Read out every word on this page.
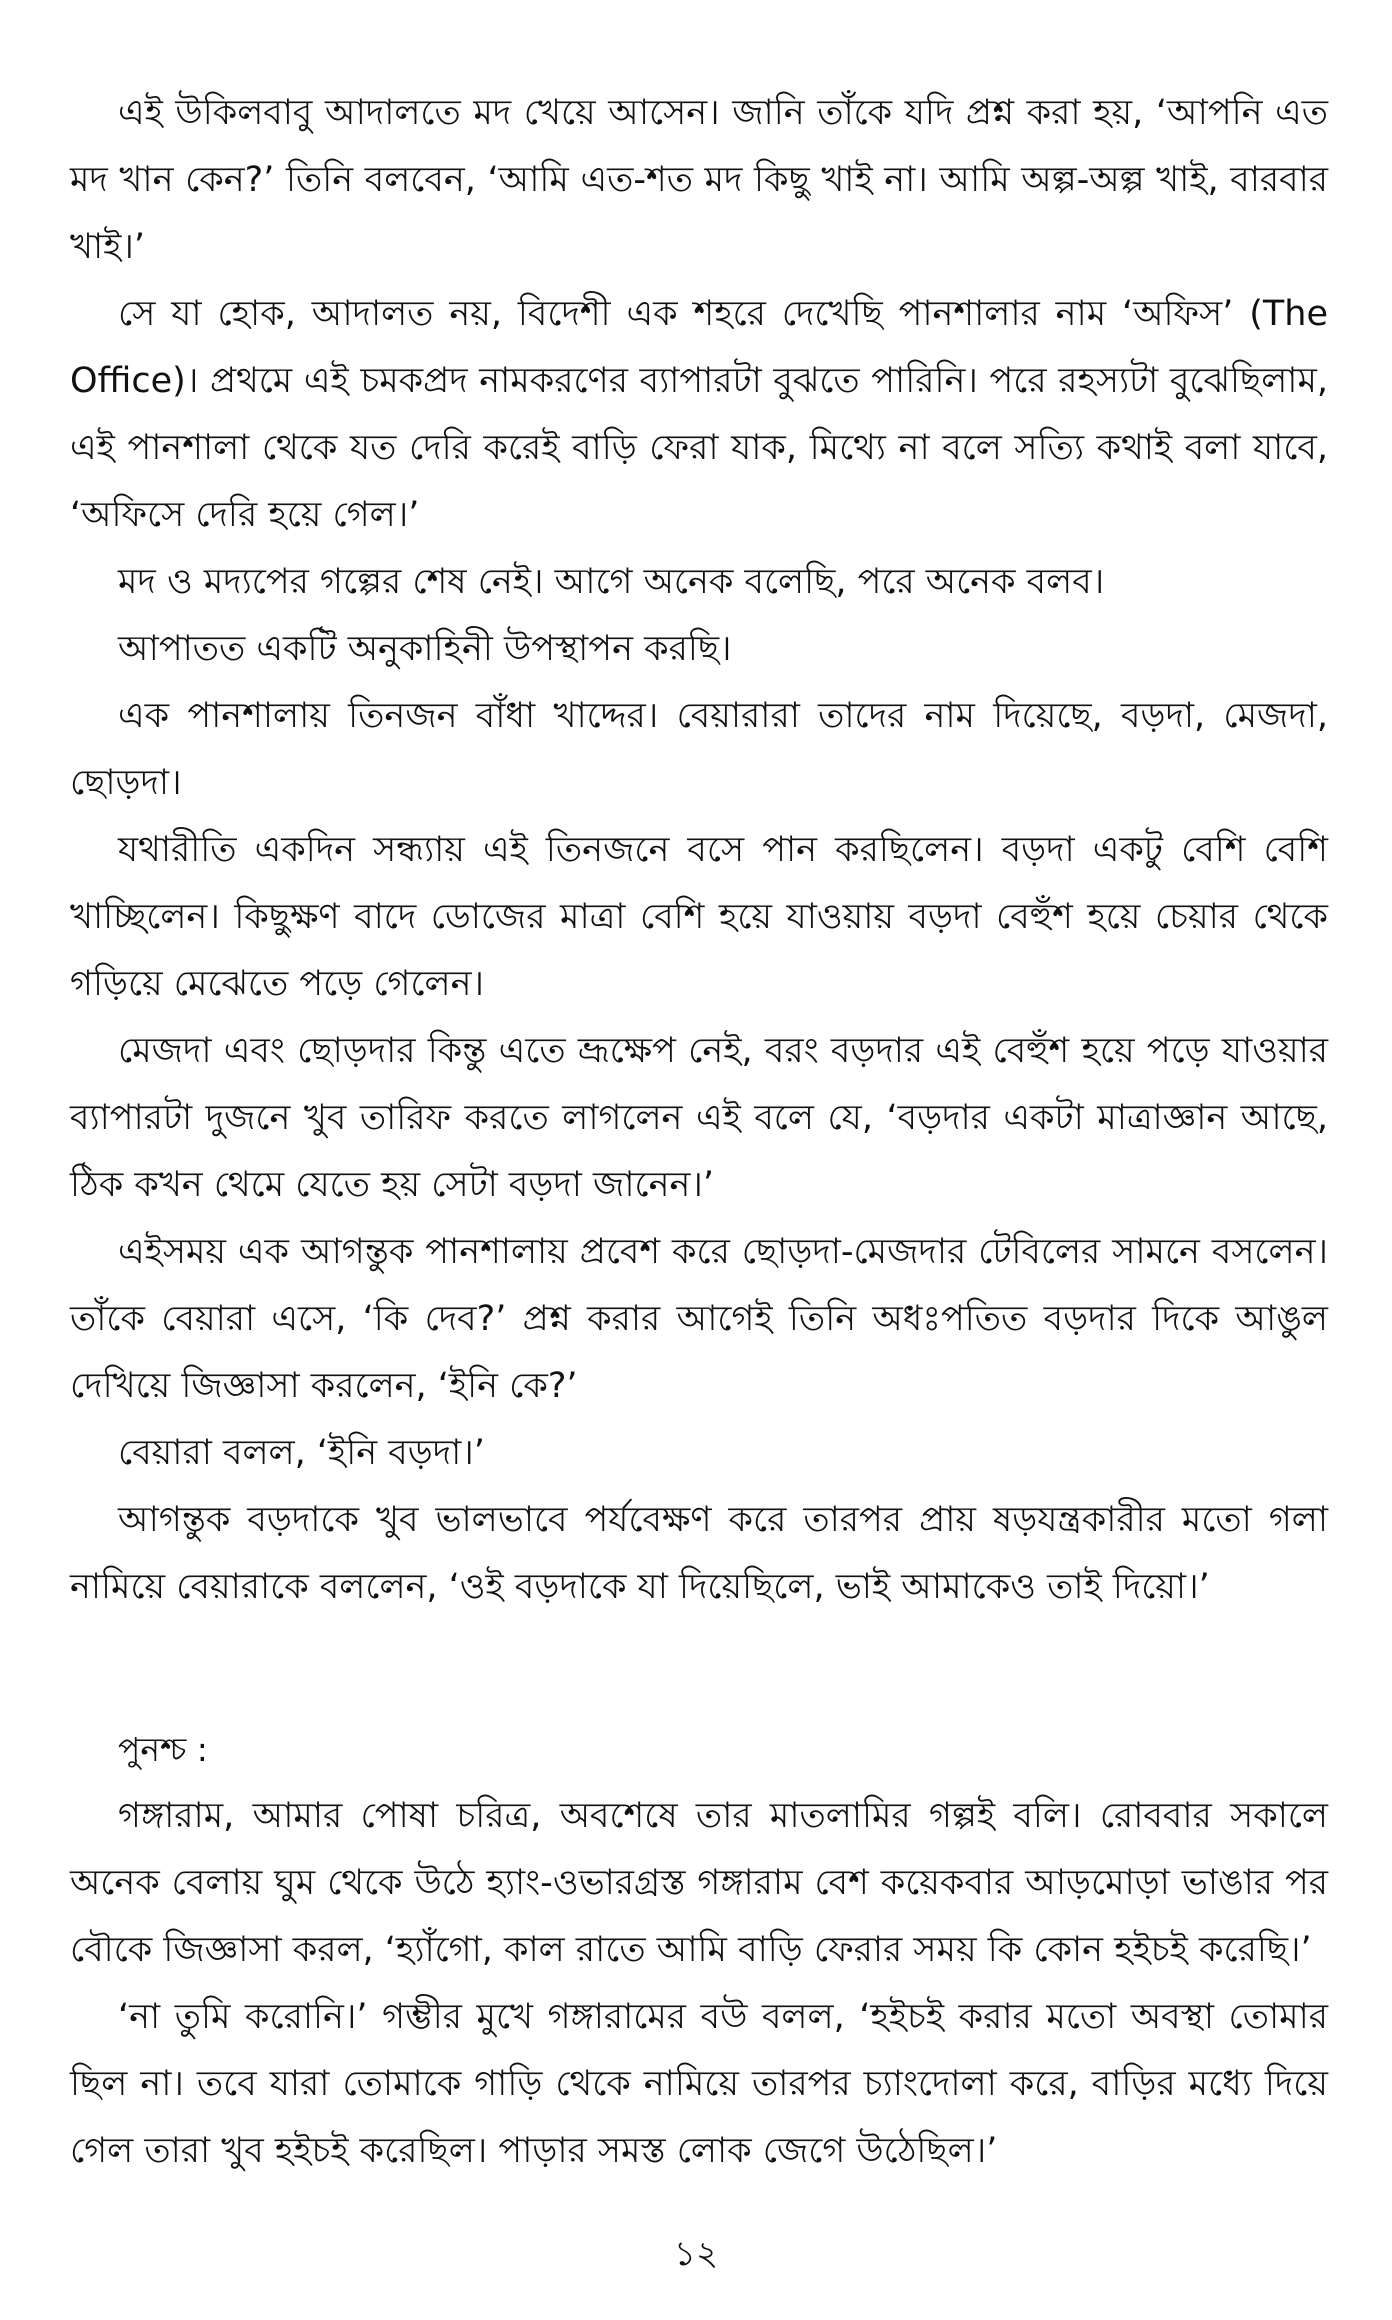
এই উকিলবাবু আদালতে মদ খেয়ে আসেন। জানি তাঁকে যদি প্রশ্ন করা হয়, ‘আপনি এত মদ খান কেন?’ তিনি বলবেন, ‘আমি এত-শত মদ কিছু খাই না। আমি অল্প-অল্প খাই, বারবার খাই।’

সে যা হোক, আদালত নয়, বিদেশী এক শহরে দেখেছি পানশালার নাম ‘অফিস’ (The Office)। প্রথমে এই চমকপ্রদ নামকরণের ব্যাপারটা বুঝতে পারিনি। পরে রহস্যটা বুঝেছিলাম, এই পানশালা থেকে যত দেরি করেই বাড়ি ফেরা যাক, মিথ্যে না বলে সত্যি কথাই বলা যাবে, ‘অফিসে দেরি হয়ে গেল।’

মদ ও মদ্যপের গল্পের শেষ নেই। আগে অনেক বলেছি, পরে অনেক বলব।

আপাতত একটি অনুকাহিনী উপস্থাপন করছি।

এক পানশালায় তিনজন বাঁধা খাদ্দের। বেয়ারারা তাদের নাম দিয়েছে, বড়দা, মেজদা, ছোড়দা।

যথারীতি একদিন সন্ধ্যায় এই তিনজনে বসে পান করছিলেন। বড়দা একটু বেশি বেশি খাচ্ছিলেন। কিছুক্ষণ বাদে ডোজের মাত্রা বেশি হয়ে যাওয়ায় বড়দা বেহুঁশ হয়ে চেয়ার থেকে গড়িয়ে মেঝেতে পড়ে গেলেন।

মেজদা এবং ছোড়দার কিন্তু এতে ভ্রূক্ষেপ নেই, বরং বড়দার এই বেহুঁশ হয়ে পড়ে যাওয়ার ব্যাপারটা দুজনে খুব তারিফ করতে লাগলেন এই বলে যে, ‘বড়দার একটা মাত্রাজ্ঞান আছে, ঠিক কখন থেমে যেতে হয় সেটা বড়দা জানেন।’

এইসময় এক আগন্তুক পানশালায় প্রবেশ করে ছোড়দা-মেজদার টেবিলের সামনে বসলেন। তাঁকে বেয়ারা এসে, ‘কি দেব?’ প্রশ্ন করার আগেই তিনি অধঃপতিত বড়দার দিকে আঙুল দেখিয়ে জিজ্ঞাসা করলেন, ‘ইনি কে?’

বেয়ারা বলল, ‘ইনি বড়দা।’

আগন্তুক বড়দাকে খুব ভালভাবে পর্যবেক্ষণ করে তারপর প্রায় ষড়যন্ত্রকারীর মতো গলা নামিয়ে বেয়ারাকে বললেন, ‘ওই বড়দাকে যা দিয়েছিলে, ভাই আমাকেও তাই দিয়ো।’

পুনশ্চ :

গঙ্গারাম, আমার পোষা চরিত্র, অবশেষে তার মাতলামির গল্পই বলি। রোববার সকালে অনেক বেলায় ঘুম থেকে উঠে হ্যাং-ওভারগ্রস্ত গঙ্গারাম বেশ কয়েকবার আড়মোড়া ভাঙার পর বৌকে জিজ্ঞাসা করল, ‘হ্যাঁগো, কাল রাতে আমি বাড়ি ফেরার সময় কি কোন হইচই করেছি।’

‘না তুমি করোনি।’ গম্ভীর মুখে গঙ্গারামের বউ বলল, ‘হইচই করার মতো অবস্থা তোমার ছিল না। তবে যারা তোমাকে গাড়ি থেকে নামিয়ে তারপর চ্যাংদোলা করে, বাড়ির মধ্যে দিয়ে গেল তারা খুব হইচই করেছিল। পাড়ার সমস্ত লোক জেগে উঠেছিল।’

১২
